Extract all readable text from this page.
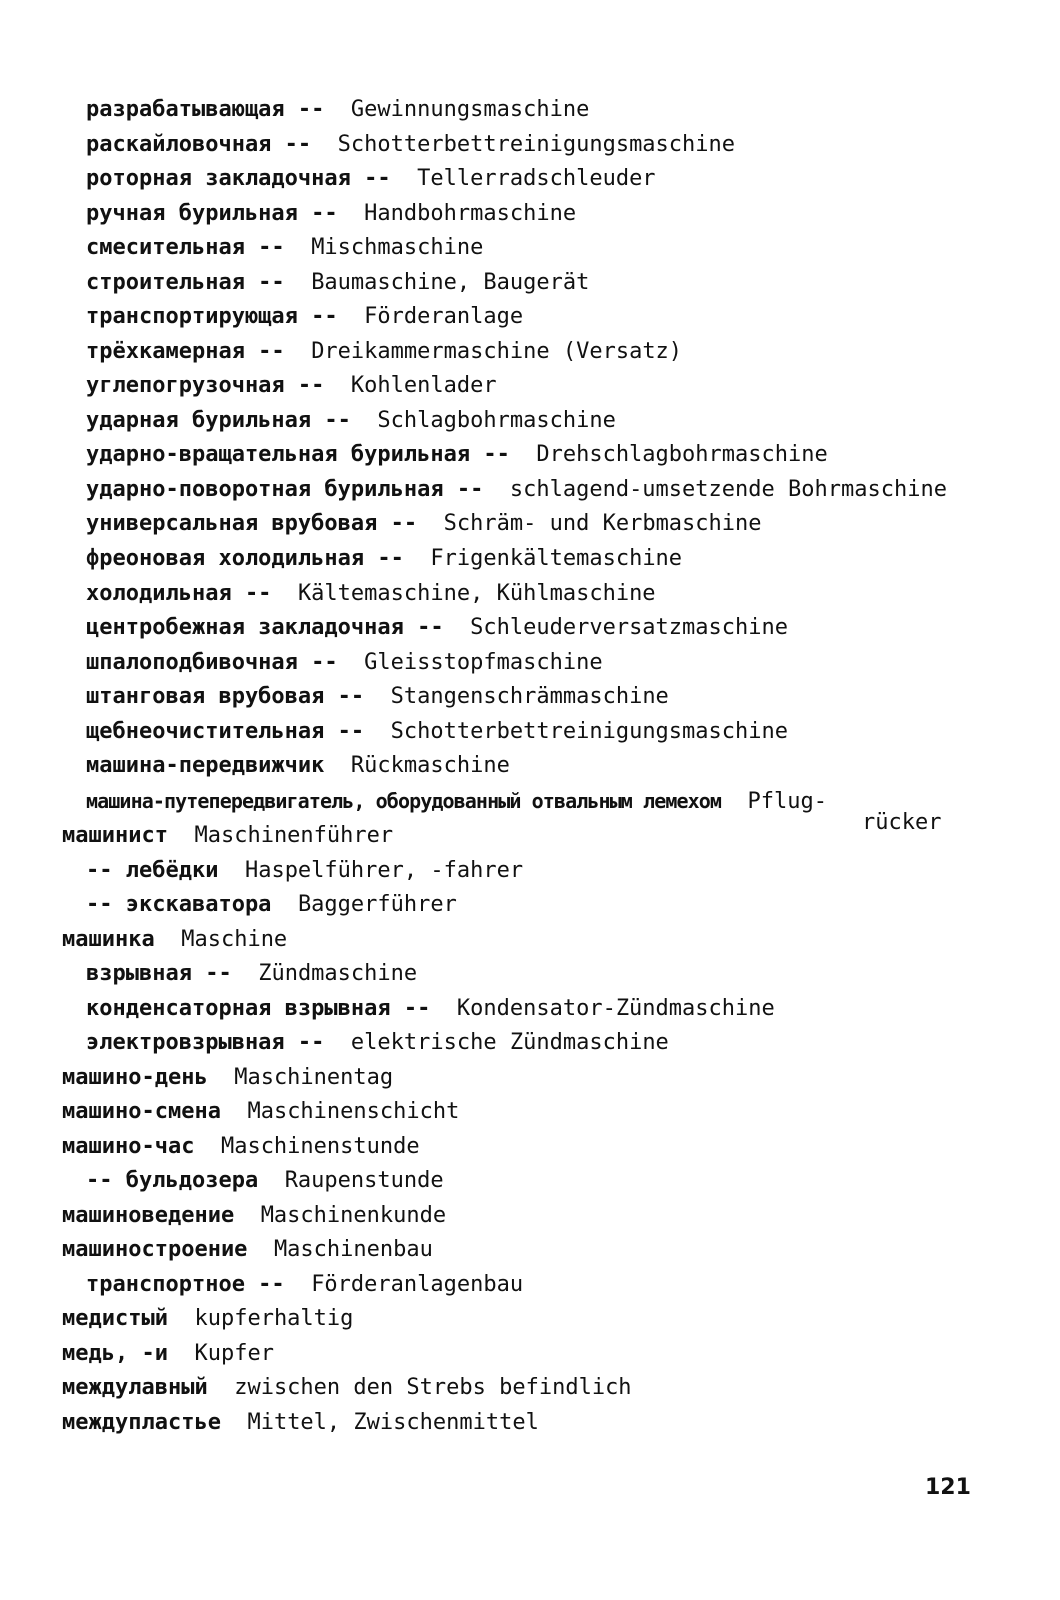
разрабатывающая -- Gewinnungsmaschine
раскайловочная -- Schotterbettreinigungsmaschine
роторная закладочная -- Tellerradschleuder
ручная бурильная -- Handbohrmaschine
смесительная -- Mischmaschine
строительная -- Baumaschine, Baugerät
транспортирующая -- Förderanlage
трёхкамерная -- Dreikammermaschine (Versatz)
углепогрузочная -- Kohlenlader
ударная бурильная -- Schlagbohrmaschine
ударно-вращательная бурильная -- Drehschlagbohrmaschine
ударно-поворотная бурильная -- schlagend-umsetzende Bohrmaschine
универсальная врубовая -- Schräm- und Kerbmaschine
фреоновая холодильная -- Frigenkältemaschine
холодильная -- Kältemaschine, Kühlmaschine
центробежная закладочная -- Schleuderversatzmaschine
шпалоподбивочная -- Gleisstopfmaschine
штанговая врубовая -- Stangenschrämmaschine
щебнеочистительная -- Schotterbettreinigungsmaschine
машина-передвижчик Rückmaschine
машина-путепередвигатель, оборудованный отвальным лемехом Pflug-
rücker
машинист Maschinenführer
-- лебёдки Haspelführer, -fahrer
-- экскаватора Baggerführer
машинка Maschine
взрывная -- Zündmaschine
конденсаторная взрывная -- Kondensator-Zündmaschine
электровзрывная -- elektrische Zündmaschine
машино-день Maschinentag
машино-смена Maschinenschicht
машино-час Maschinenstunde
-- бульдозера Raupenstunde
машиноведение Maschinenkunde
машиностроение Maschinenbau
транспортное -- Förderanlagenbau
медистый kupferhaltig
медь, -и Kupfer
междулавный zwischen den Strebs befindlich
междупластье Mittel, Zwischenmittel
121
